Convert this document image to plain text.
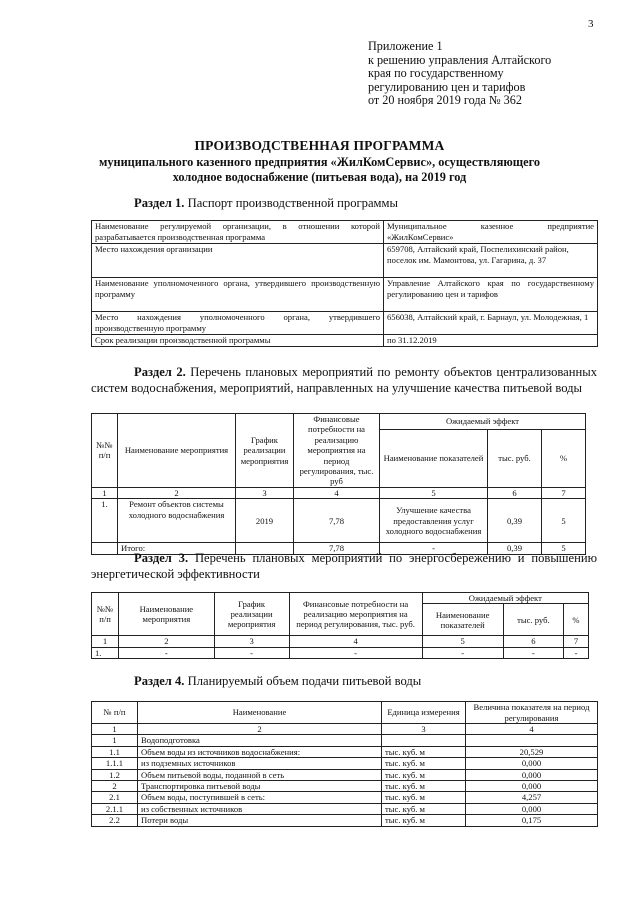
3
Приложение 1
к решению управления Алтайского
края по государственному
регулированию цен и тарифов
от 20 ноября 2019 года № 362
ПРОИЗВОДСТВЕННАЯ ПРОГРАММА
муниципального казенного предприятия «ЖилКомСервис», осуществляющего
холодное водоснабжение (питьевая вода), на 2019 год
Раздел 1. Паспорт производственной программы
Наименование регулируемой организации, в отношении которой разрабатывается производственная программа	Муниципальное казенное предприятие «ЖилКомСервис»
Место нахождения организации	659708, Алтайский край, Поспелихинский район, поселок им. Мамонтова, ул. Гагарина, д. 37
Наименование уполномоченного органа, утвердившего производственную программу	Управление Алтайского края по государственному регулированию цен и тарифов
Место нахождения уполномоченного органа, утвердившего производственную программу	656038, Алтайский край, г. Барнаул, ул. Молодежная, 1
Срок реализации производственной программы	по 31.12.2019
Раздел 2. Перечень плановых мероприятий по ремонту объектов централизованных систем водоснабжения, мероприятий, направленных на улучшение качества питьевой воды
№№ п/п	Наименование мероприятия	График реализации мероприятия	Финансовые потребности на реализацию мероприятия на период регулирования, тыс. руб	Ожидаемый эффект		
				Наименование показателей	тыс. руб.	%
1	2	3	4	5	6	7
1.	Ремонт объектов системы холодного водоснабжения	2019	7,78	Улучшение качества предоставления услуг холодного водоснабжения	0,39	5
	Итого:		7,78	-	0,39	5
Раздел 3. Перечень плановых мероприятий по энергосбережению и повышению энергетической эффективности
№№ п/п	Наименование мероприятия	График реализации мероприятия	Финансовые потребности на реализацию мероприятия на период регулирования, тыс. руб.	Ожидаемый эффект		
				Наименование показателей	тыс. руб.	%
1	2	3	4	5	6	7
1.	-	-	-	-	-	-
Раздел 4. Планируемый объем подачи питьевой воды
№ п/п	Наименование	Единица измерения	Величина показателя на период регулирования
1	2	3	4
1	Водоподготовка		
1.1	Объем воды из источников водоснабжения:	тыс. куб. м	20,529
1.1.1	из подземных источников	тыс. куб. м	0,000
1.2	Объем питьевой воды, поданной в сеть	тыс. куб. м	0,000
2	Транспортировка питьевой воды	тыс. куб. м	0,000
2.1	Объем воды, поступившей в сеть:	тыс. куб. м	4,257
2.1.1	из собственных источников	тыс. куб. м	0,000
2.2	Потери воды	тыс. куб. м	0,175
